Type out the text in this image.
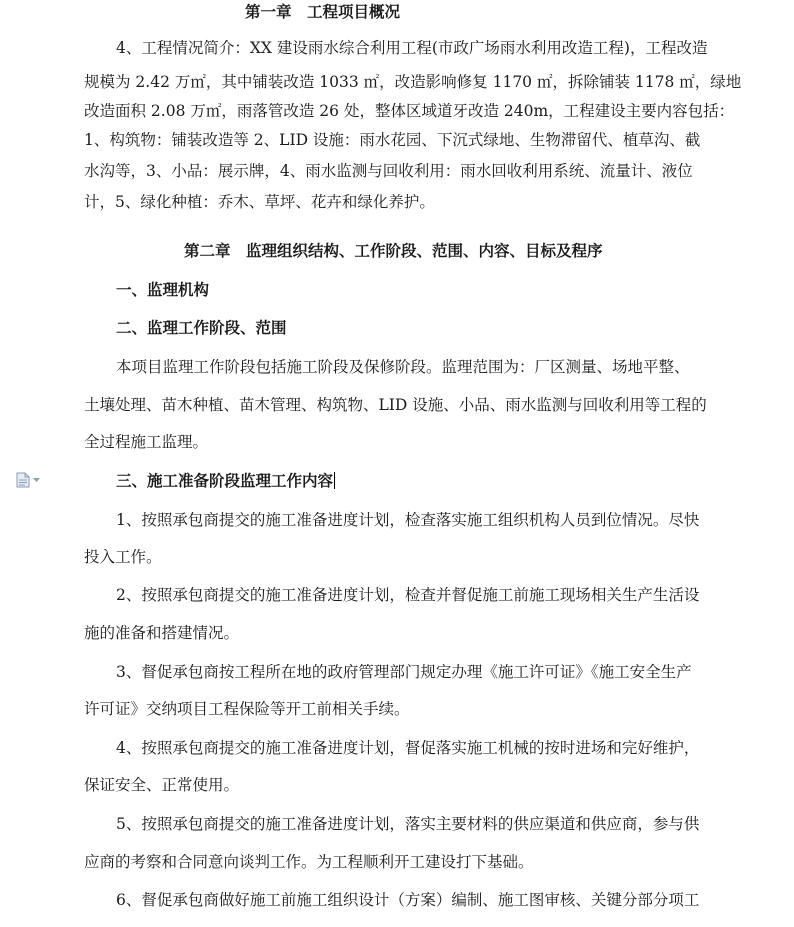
第一章　工程项目概况
4、工程情况简介：XX 建设雨水综合利用工程(市政广场雨水利用改造工程)，工程改造
规模为 2.42 万㎡，其中铺装改造 1033 ㎡，改造影响修复 1170 ㎡，拆除铺装 1178 ㎡，绿地
改造面积 2.08 万㎡，雨落管改造 26 处，整体区域道牙改造 240m，工程建设主要内容包括：
1、构筑物：铺装改造等 2、LID 设施：雨水花园、下沉式绿地、生物滞留代、植草沟、截
水沟等，3、小品：展示牌，4、雨水监测与回收利用：雨水回收利用系统、流量计、液位
计，5、绿化种植：乔木、草坪、花卉和绿化养护。
第二章　监理组织结构、工作阶段、范围、内容、目标及程序
一、监理机构
二、监理工作阶段、范围
本项目监理工作阶段包括施工阶段及保修阶段。监理范围为：厂区测量、场地平整、
土壤处理、苗木种植、苗木管理、构筑物、LID 设施、小品、雨水监测与回收利用等工程的
全过程施工监理。
三、施工准备阶段监理工作内容
1、按照承包商提交的施工准备进度计划，检查落实施工组织机构人员到位情况。尽快
投入工作。
2、按照承包商提交的施工准备进度计划，检查并督促施工前施工现场相关生产生活设
施的准备和搭建情况。
3、督促承包商按工程所在地的政府管理部门规定办理《施工许可证》《施工安全生产
许可证》交纳项目工程保险等开工前相关手续。
4、按照承包商提交的施工准备进度计划，督促落实施工机械的按时进场和完好维护，
保证安全、正常使用。
5、按照承包商提交的施工准备进度计划，落实主要材料的供应渠道和供应商，参与供
应商的考察和合同意向谈判工作。为工程顺利开工建设打下基础。
6、督促承包商做好施工前施工组织设计（方案）编制、施工图审核、关键分部分项工
